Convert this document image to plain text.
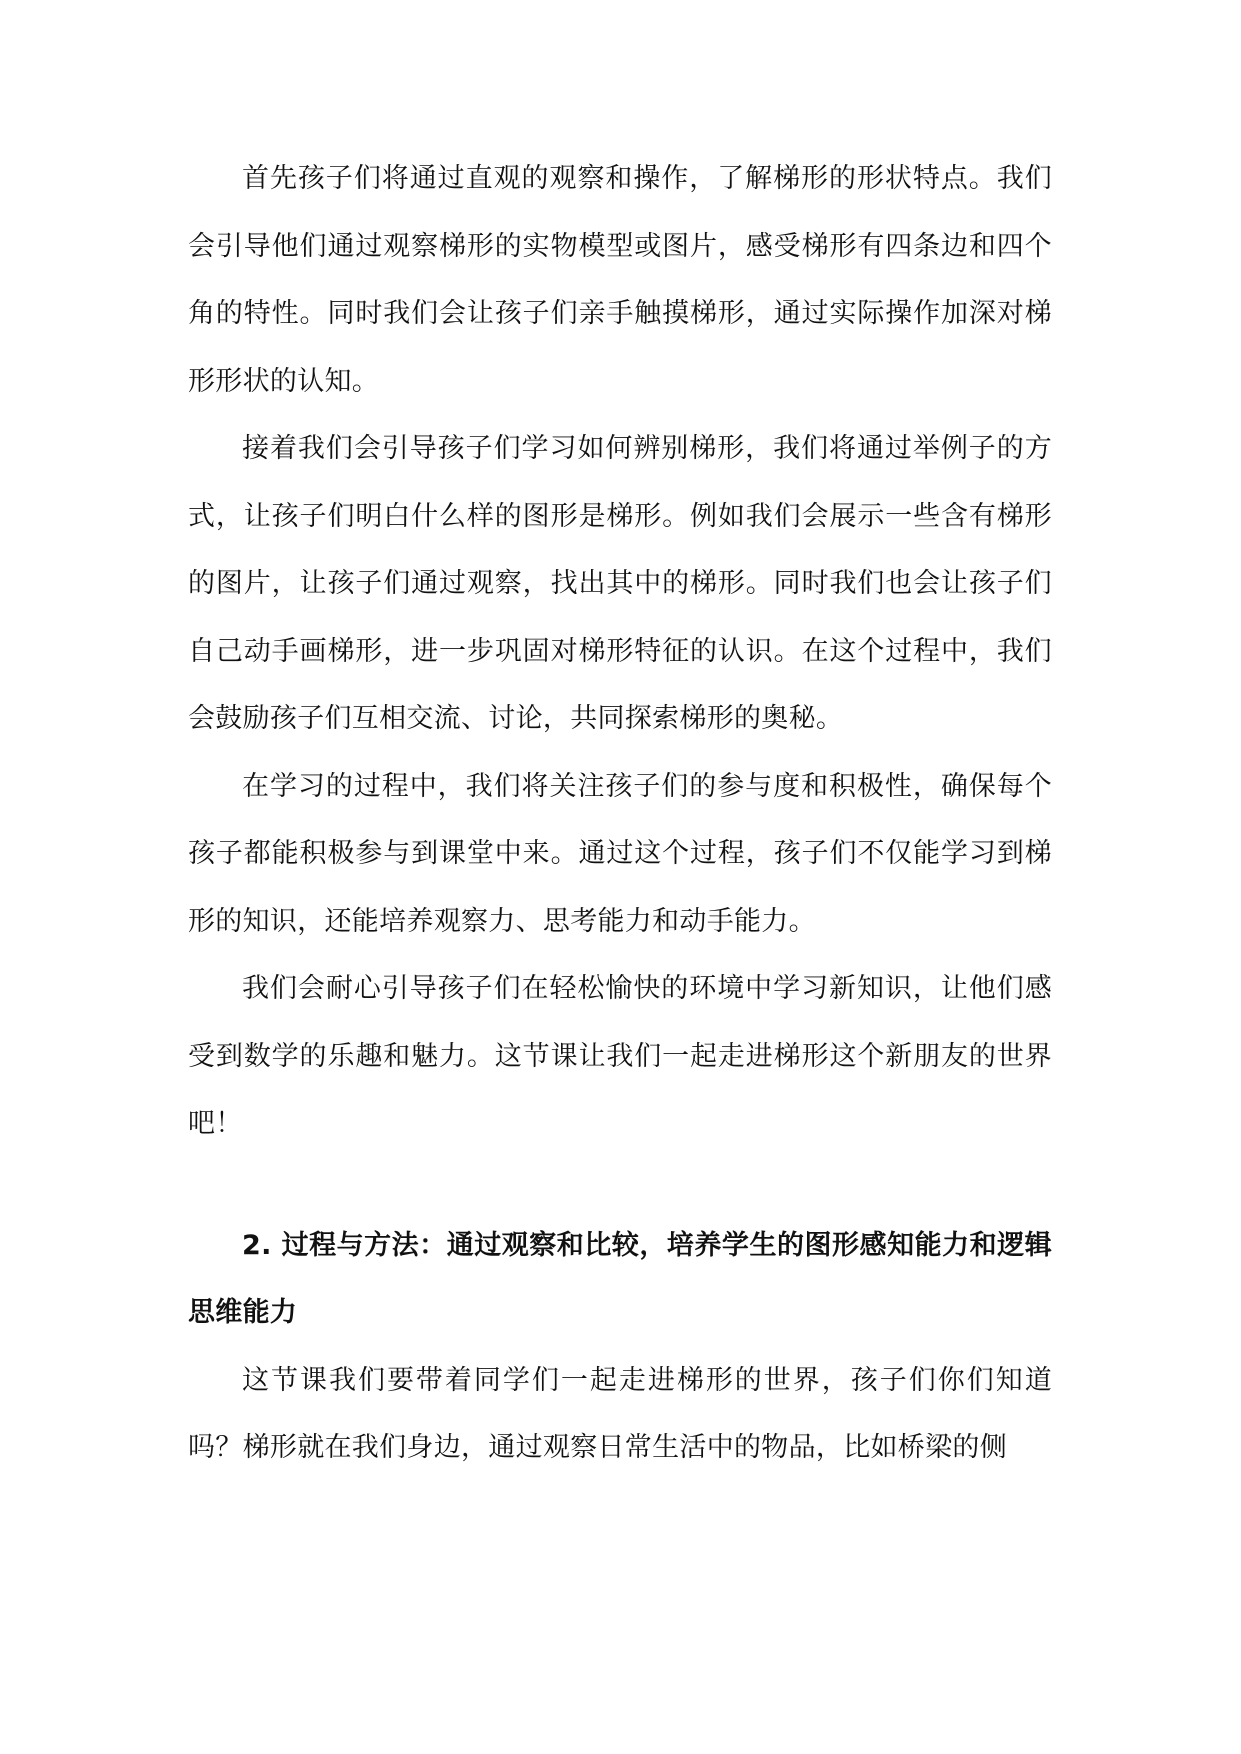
首先孩子们将通过直观的观察和操作，了解梯形的形状特点。我们会引导他们通过观察梯形的实物模型或图片，感受梯形有四条边和四个角的特性。同时我们会让孩子们亲手触摸梯形，通过实际操作加深对梯形形状的认知。

接着我们会引导孩子们学习如何辨别梯形，我们将通过举例子的方式，让孩子们明白什么样的图形是梯形。例如我们会展示一些含有梯形的图片，让孩子们通过观察，找出其中的梯形。同时我们也会让孩子们自己动手画梯形，进一步巩固对梯形特征的认识。在这个过程中，我们会鼓励孩子们互相交流、讨论，共同探索梯形的奥秘。

在学习的过程中，我们将关注孩子们的参与度和积极性，确保每个孩子都能积极参与到课堂中来。通过这个过程，孩子们不仅能学习到梯形的知识，还能培养观察力、思考能力和动手能力。

我们会耐心引导孩子们在轻松愉快的环境中学习新知识，让他们感受到数学的乐趣和魅力。这节课让我们一起走进梯形这个新朋友的世界吧！

2. 过程与方法：通过观察和比较，培养学生的图形感知能力和逻辑思维能力

这节课我们要带着同学们一起走进梯形的世界，孩子们你们知道吗？梯形就在我们身边，通过观察日常生活中的物品，比如桥梁的侧
